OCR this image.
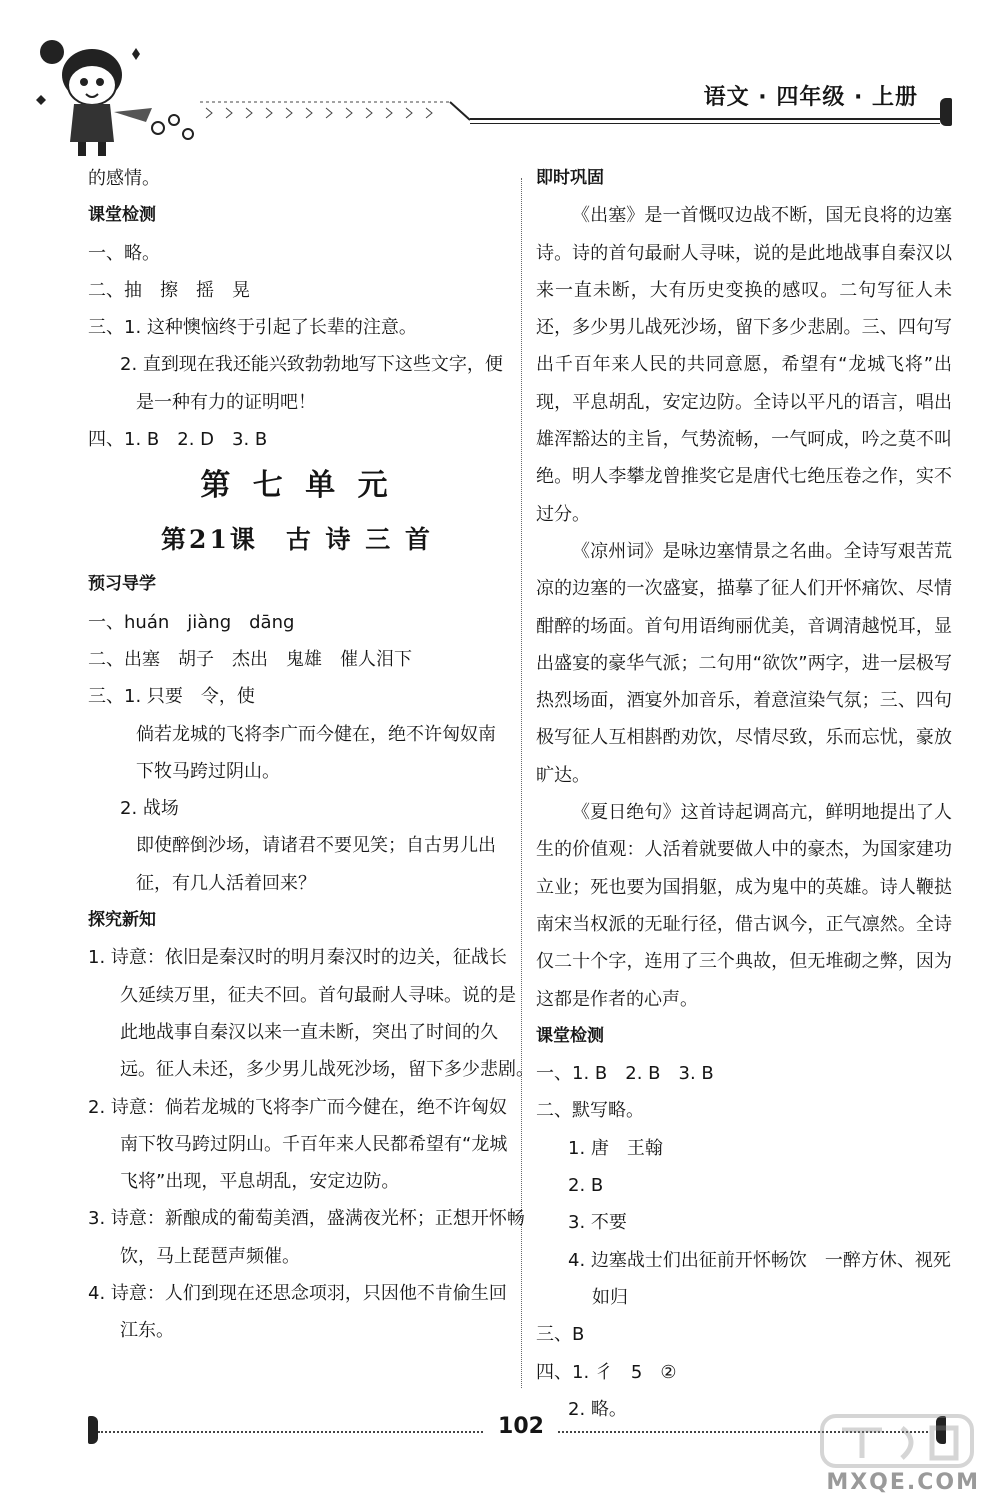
语文 · 四年级 · 上册
的感情。
课堂检测
一、略。
二、抽　擦　摇　晃
三、1. 这种懊恼终于引起了长辈的注意。
2. 直到现在我还能兴致勃勃地写下这些文字，便
是一种有力的证明吧！
四、1. B　2. D　3. B
第 七 单 元
第21课　古 诗 三 首
预习导学
一、huán　jiàng　dāng
二、出塞　胡子　杰出　鬼雄　催人泪下
三、1. 只要　令，使
倘若龙城的飞将李广而今健在，绝不许匈奴南
下牧马跨过阴山。
2. 战场
即使醉倒沙场，请诸君不要见笑；自古男儿出
征，有几人活着回来？
探究新知
1. 诗意：依旧是秦汉时的明月秦汉时的边关，征战长
久延续万里，征夫不回。首句最耐人寻味。说的是
此地战事自秦汉以来一直未断，突出了时间的久
远。征人未还，多少男儿战死沙场，留下多少悲剧。
2. 诗意：倘若龙城的飞将李广而今健在，绝不许匈奴
南下牧马跨过阴山。千百年来人民都希望有“龙城
飞将”出现，平息胡乱，安定边防。
3. 诗意：新酿成的葡萄美酒，盛满夜光杯；正想开怀畅
饮，马上琵琶声频催。
4. 诗意：人们到现在还思念项羽，只因他不肯偷生回
江东。
即时巩固
《出塞》是一首慨叹边战不断，国无良将的边塞诗。诗的首句最耐人寻味，说的是此地战事自秦汉以来一直未断，大有历史变换的感叹。二句写征人未还，多少男儿战死沙场，留下多少悲剧。三、四句写出千百年来人民的共同意愿，希望有“龙城飞将”出现，平息胡乱，安定边防。全诗以平凡的语言，唱出雄浑豁达的主旨，气势流畅，一气呵成，吟之莫不叫绝。明人李攀龙曾推奖它是唐代七绝压卷之作，实不过分。
《凉州词》是咏边塞情景之名曲。全诗写艰苦荒凉的边塞的一次盛宴，描摹了征人们开怀痛饮、尽情酣醉的场面。首句用语绚丽优美，音调清越悦耳，显出盛宴的豪华气派；二句用“欲饮”两字，进一层极写热烈场面，酒宴外加音乐，着意渲染气氛；三、四句极写征人互相斟酌劝饮，尽情尽致，乐而忘忧，豪放旷达。
《夏日绝句》这首诗起调高亢，鲜明地提出了人生的价值观：人活着就要做人中的豪杰，为国家建功立业；死也要为国捐躯，成为鬼中的英雄。诗人鞭挞南宋当权派的无耻行径，借古讽今，正气凛然。全诗仅二十个字，连用了三个典故，但无堆砌之弊，因为这都是作者的心声。
课堂检测
一、1. B　2. B　3. B
二、默写略。
1. 唐　王翰
2. B
3. 不要
4. 边塞战士们出征前开怀畅饮　一醉方休、视死
如归
三、B
四、1. 彳　5　②
2. 略。
102
MXQE.COM
